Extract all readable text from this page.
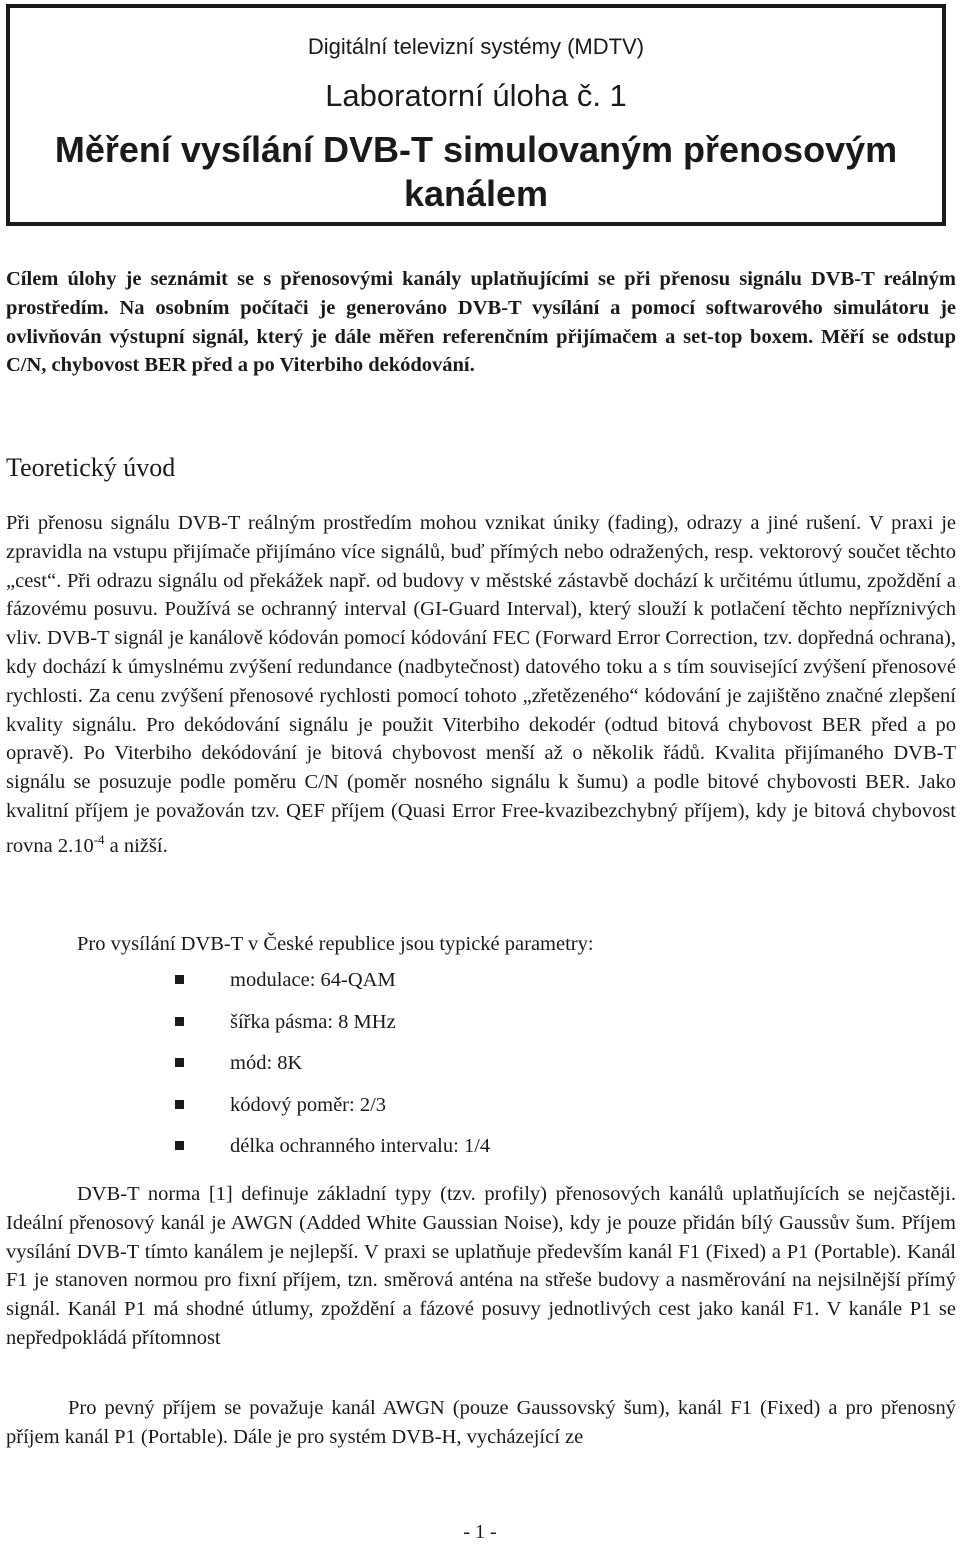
Digitální televizní systémy (MDTV)
Laboratorní úloha č. 1
Měření vysílání DVB-T simulovaným přenosovým kanálem

Cílem úlohy je seznámit se s přenosovými kanály uplatňujícími se při přenosu signálu DVB-T reálným prostředím. Na osobním počítači je generováno DVB-T vysílání a pomocí softwarového simulátoru je ovlivňován výstupní signál, který je dále měřen referenčním přijímačem a set-top boxem. Měří se odstup C/N, chybovost BER před a po Viterbiho dekódování.

Teoretický úvod

Při přenosu signálu DVB-T reálným prostředím mohou vznikat úniky (fading), odrazy a jiné rušení. V praxi je zpravidla na vstupu přijímače přijímáno více signálů, buď přímých nebo odražených, resp. vektorový součet těchto „cest“. Při odrazu signálu od překážek např. od budovy v městské zástavbě dochází k určitému útlumu, zpoždění a fázovému posuvu. Používá se ochranný interval (GI-Guard Interval), který slouží k potlačení těchto nepříznivých vliv. DVB-T signál je kanálově kódován pomocí kódování FEC (Forward Error Correction, tzv. dopředná ochrana), kdy dochází k úmyslnému zvýšení redundance (nadbytečnost) datového toku a s tím související zvýšení přenosové rychlosti. Za cenu zvýšení přenosové rychlosti pomocí tohoto „zřetězeného“ kódování je zajištěno značné zlepšení kvality signálu. Pro dekódování signálu je použit Viterbiho dekodér (odtud bitová chybovost BER před a po opravě). Po Viterbiho dekódování je bitová chybovost menší až o několik řádů. Kvalita přijímaného DVB-T signálu se posuzuje podle poměru C/N (poměr nosného signálu k šumu) a podle bitové chybovosti BER. Jako kvalitní příjem je považován tzv. QEF příjem (Quasi Error Free-kvazibezchybný příjem), kdy je bitová chybovost rovna $2.10^{-4}$ a nižší.

Pro vysílání DVB-T v České republice jsou typické parametry:
modulace: 64-QAM
šířka pásma: 8 MHz
mód: 8K
kódový poměr: 2/3
délka ochranného intervalu: 1/4

DVB-T norma [1] definuje základní typy (tzv. profily) přenosových kanálů uplatňujících se nejčastěji. Ideální přenosový kanál je AWGN (Added White Gaussian Noise), kdy je pouze přidán bílý Gaussův šum. Příjem vysílání DVB-T tímto kanálem je nejlepší. V praxi se uplatňuje především kanál F1 (Fixed) a P1 (Portable). Kanál F1 je stanoven normou pro fixní příjem, tzn. směrová anténa na střeše budovy a nasměrování na nejsilnější přímý signál. Kanál P1 má shodné útlumy, zpoždění a fázové posuvy jednotlivých cest jako kanál F1. V kanále P1 se nepředpokládá přítomnost

Pro pevný příjem se považuje kanál AWGN (pouze Gaussovský šum), kanál F1 (Fixed) a pro přenosný příjem kanál P1 (Portable). Dále je pro systém DVB-H, vycházející ze

- 1 -
